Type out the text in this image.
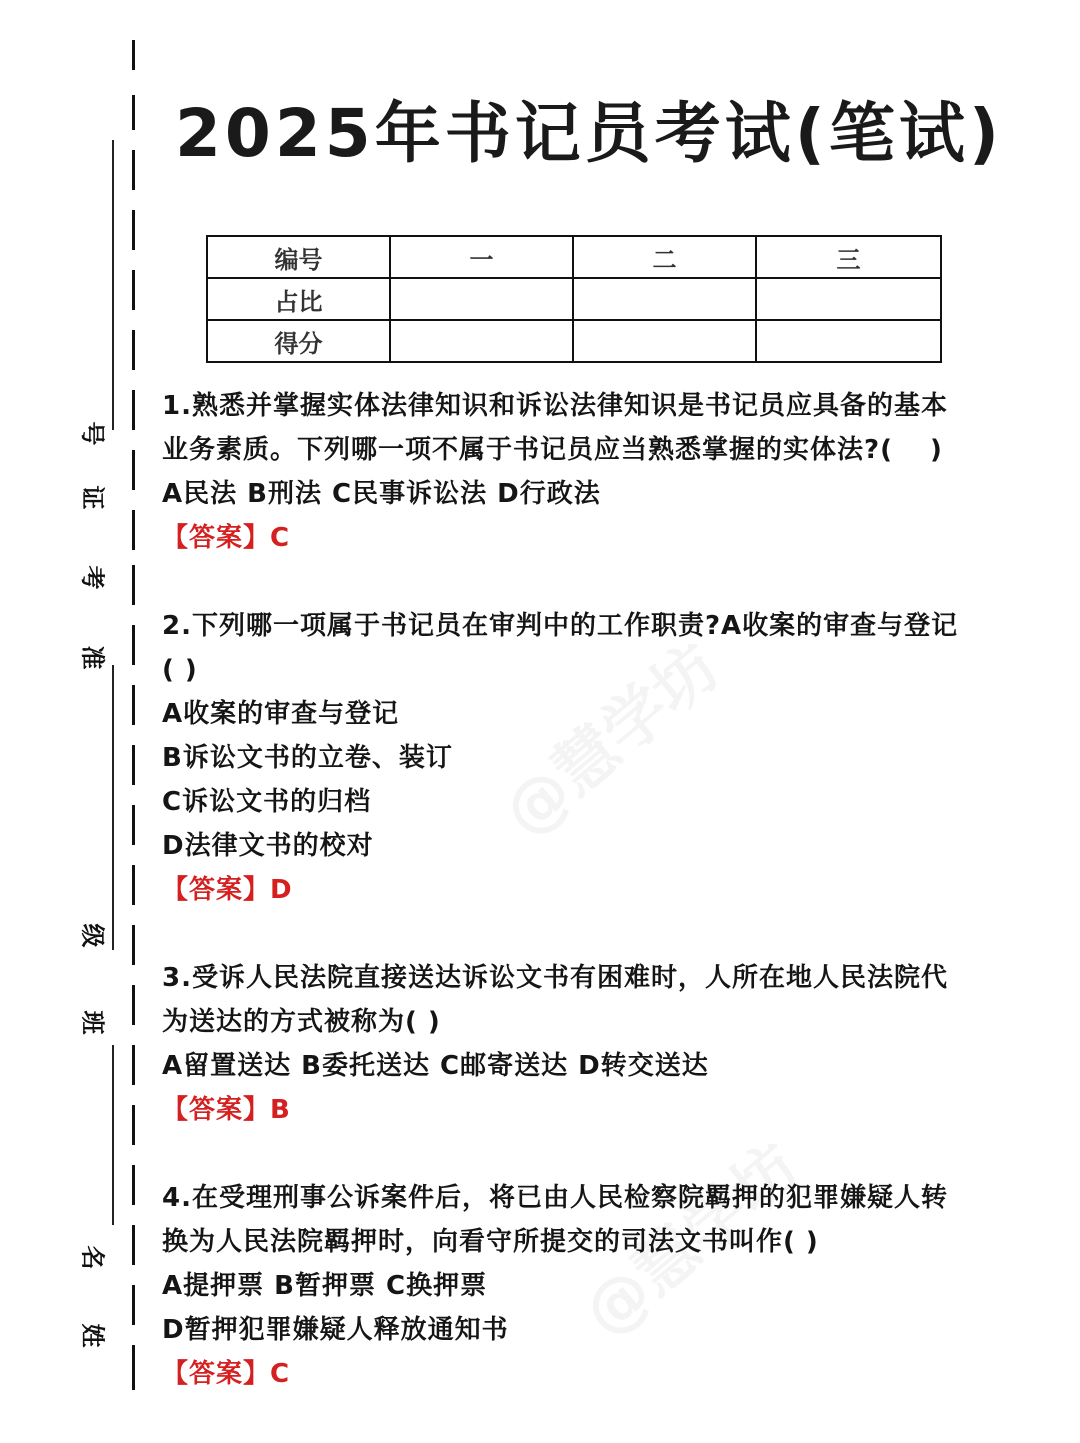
号
证
考
准
级
班
名
姓
2025年书记员考试(笔试)
编号	一	二	三
占比			
得分			
1.熟悉并掌握实体法律知识和诉讼法律知识是书记员应具备的基本
业务素质。下列哪一项不属于书记员应当熟悉掌握的实体法?(　 )
A民法 B刑法 C民事诉讼法 D行政法
【答案】C
2.下列哪一项属于书记员在审判中的工作职责?A收案的审查与登记
( )
A收案的审查与登记
B诉讼文书的立卷、装订
C诉讼文书的归档
D法律文书的校对
【答案】D
3.受诉人民法院直接送达诉讼文书有困难时，人所在地人民法院代
为送达的方式被称为( )
A留置送达 B委托送达 C邮寄送达 D转交送达
【答案】B
4.在受理刑事公诉案件后，将已由人民检察院羁押的犯罪嫌疑人转
换为人民法院羁押时，向看守所提交的司法文书叫作( )
A提押票 B暂押票 C换押票
D暂押犯罪嫌疑人释放通知书
【答案】C
